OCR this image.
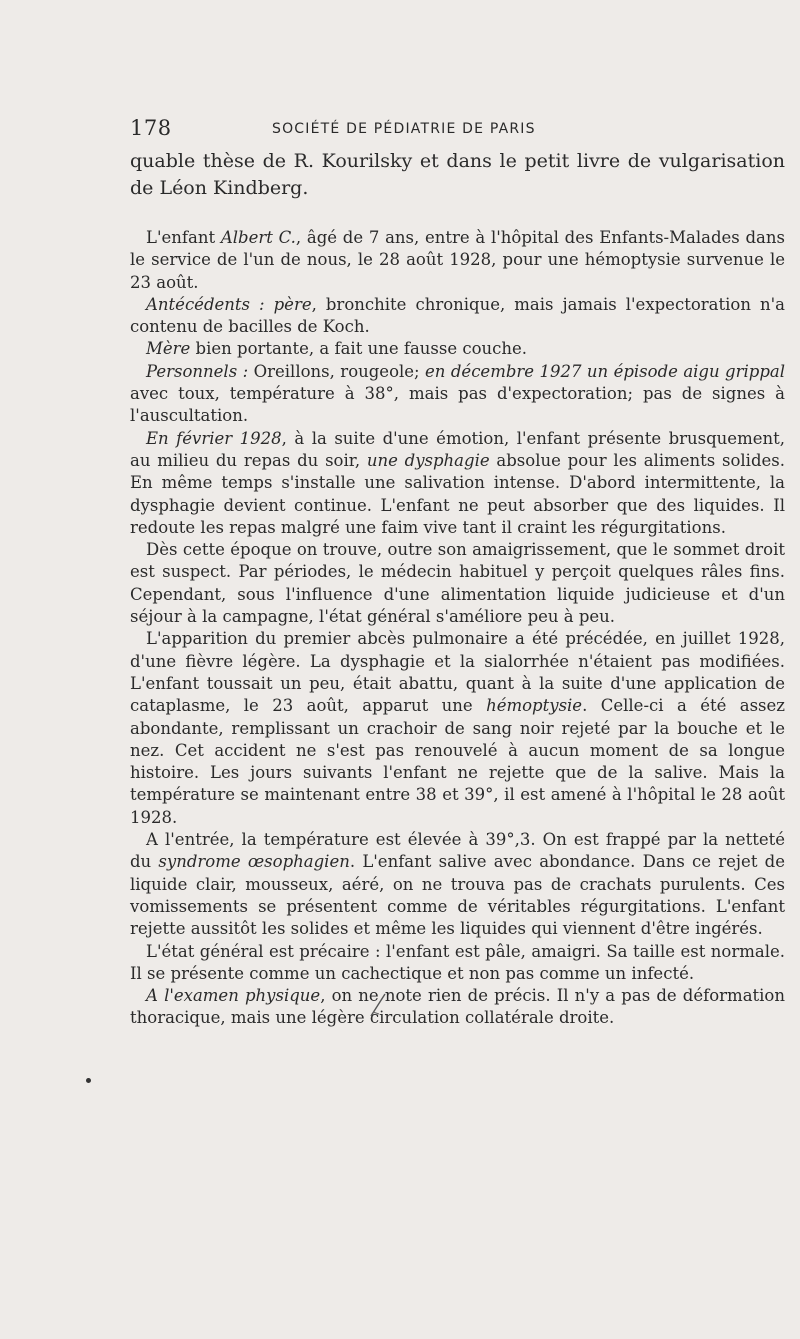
178	SOCIÉTÉ DE PÉDIATRIE DE PARIS

quable thèse de R. Kourilsky et dans le petit livre de vulgarisation de Léon Kindberg.

L'enfant Albert C., âgé de 7 ans, entre à l'hôpital des Enfants-Malades dans le service de l'un de nous, le 28 août 1928, pour une hémoptysie survenue le 23 août.

Antécédents : père, bronchite chronique, mais jamais l'expectoration n'a contenu de bacilles de Koch.

Mère bien portante, a fait une fausse couche.

Personnels : Oreillons, rougeole; en décembre 1927 un épisode aigu grippal avec toux, température à 38°, mais pas d'expectoration; pas de signes à l'auscultation.

En février 1928, à la suite d'une émotion, l'enfant présente brusquement, au milieu du repas du soir, une dysphagie absolue pour les aliments solides. En même temps s'installe une salivation intense. D'abord intermittente, la dysphagie devient continue. L'enfant ne peut absorber que des liquides. Il redoute les repas malgré une faim vive tant il craint les régurgitations.

Dès cette époque on trouve, outre son amaigrissement, que le sommet droit est suspect. Par périodes, le médecin habituel y perçoit quelques râles fins. Cependant, sous l'influence d'une alimentation liquide judicieuse et d'un séjour à la campagne, l'état général s'améliore peu à peu.

L'apparition du premier abcès pulmonaire a été précédée, en juillet 1928, d'une fièvre légère. La dysphagie et la sialorrhée n'étaient pas modifiées. L'enfant toussait un peu, était abattu, quant à la suite d'une application de cataplasme, le 23 août, apparut une hémoptysie. Celle-ci a été assez abondante, remplissant un crachoir de sang noir rejeté par la bouche et le nez. Cet accident ne s'est pas renouvelé à aucun moment de sa longue histoire. Les jours suivants l'enfant ne rejette que de la salive. Mais la température se maintenant entre 38 et 39°, il est amené à l'hôpital le 28 août 1928.

A l'entrée, la température est élevée à 39°,3. On est frappé par la netteté du syndrome œsophagien. L'enfant salive avec abondance. Dans ce rejet de liquide clair, mousseux, aéré, on ne trouva pas de crachats purulents. Ces vomissements se présentent comme de véritables régurgitations. L'enfant rejette aussitôt les solides et même les liquides qui viennent d'être ingérés.

L'état général est précaire : l'enfant est pâle, amaigri. Sa taille est normale. Il se présente comme un cachectique et non pas comme un infecté.

A l'examen physique, on ne note rien de précis. Il n'y a pas de déformation thoracique, mais une légère circulation collatérale droite.
